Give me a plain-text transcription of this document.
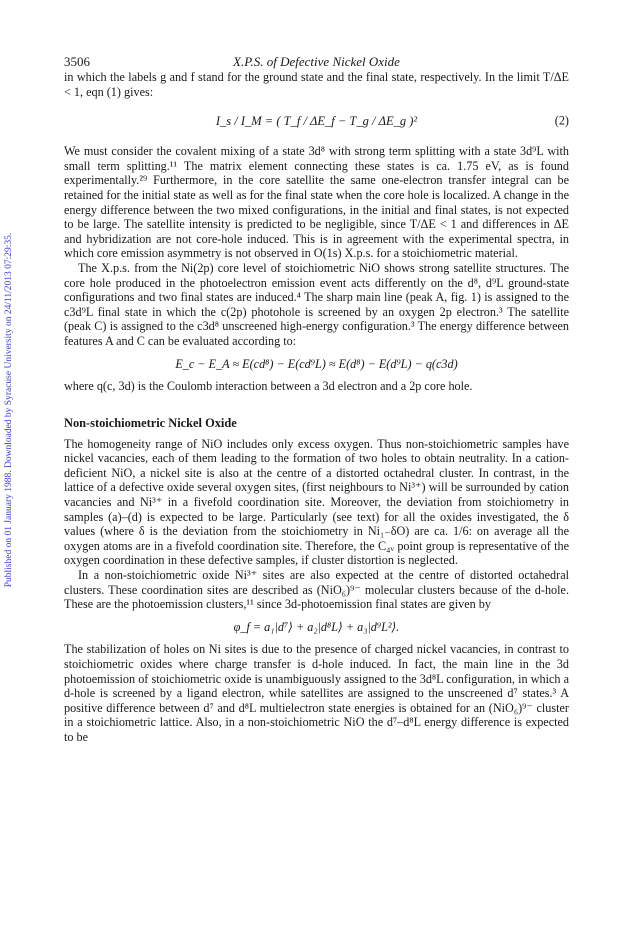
Published on 01 January 1988. Downloaded by Syracuse University on 24/11/2013 07:29:35.
3506	X.P.S. of Defective Nickel Oxide

in which the labels g and f stand for the ground state and the final state, respectively. In the limit T/ΔE < 1, eqn (1) gives:

I_s / I_M = ( T_f / ΔE_f − T_g / ΔE_g )²	(2)

We must consider the covalent mixing of a state 3d⁸ with strong term splitting with a state 3d⁹L with small term splitting.¹¹ The matrix element connecting these states is ca. 1.75 eV, as is found experimentally.²⁹ Furthermore, in the core satellite the same one-electron transfer integral can be retained for the initial state as well as for the final state when the core hole is localized. A change in the energy difference between the two mixed configurations, in the initial and final states, is not expected to be large. The satellite intensity is predicted to be negligible, since T/ΔE < 1 and differences in ΔE and hybridization are not core-hole induced. This is in agreement with the experimental spectra, in which core emission asymmetry is not observed in O(1s) X.p.s. for a stoichiometric material.

The X.p.s. from the Ni(2p) core level of stoichiometric NiO shows strong satellite structures. The core hole produced in the photoelectron emission event acts differently on the d⁸, d⁹L ground-state configurations and two final states are induced.⁴ The sharp main line (peak A, fig. 1) is assigned to the c3d⁹L final state in which the c(2p) photohole is screened by an oxygen 2p electron.³ The satellite (peak C) is assigned to the c3d⁸ unscreened high-energy configuration.³ The energy difference between features A and C can be evaluated according to:

E_c − E_A ≈ E(cd⁸) − E(cd⁹L) ≈ E(d⁸) − E(d⁹L) − q(c3d)

where q(c, 3d) is the Coulomb interaction between a 3d electron and a 2p core hole.

Non-stoichiometric Nickel Oxide

The homogeneity range of NiO includes only excess oxygen. Thus non-stoichiometric samples have nickel vacancies, each of them leading to the formation of two holes to obtain neutrality. In a cation-deficient NiO, a nickel site is also at the centre of a distorted octahedral cluster. In contrast, in the lattice of a defective oxide several oxygen sites, (first neighbours to Ni³⁺) will be surrounded by cation vacancies and Ni³⁺ in a fivefold coordination site. Moreover, the deviation from stoichiometry in samples (a)–(d) is expected to be large. Particularly (see text) for all the oxides investigated, the δ values (where δ is the deviation from the stoichiometry in Ni₁₋δO) are ca. 1/6: on average all the oxygen atoms are in a fivefold coordination site. Therefore, the C₄ᵥ point group is representative of the oxygen coordination in these defective samples, if cluster distortion is neglected.

In a non-stoichiometric oxide Ni³⁺ sites are also expected at the centre of distorted octahedral clusters. These coordination sites are described as (NiO₆)⁹⁻ molecular clusters because of the d-hole. These are the photoemission clusters,¹¹ since 3d-photoemission final states are given by

φ_f = a₁|d⁷⟩ + a₂|d⁸L⟩ + a₃|d⁹L²⟩.

The stabilization of holes on Ni sites is due to the presence of charged nickel vacancies, in contrast to stoichiometric oxides where charge transfer is d-hole induced. In fact, the main line in the 3d photoemission of stoichiometric oxide is unambiguously assigned to the 3d⁸L configuration, in which a d-hole is screened by a ligand electron, while satellites are assigned to the unscreened d⁷ states.³ A positive difference between d⁷ and d⁸L multielectron state energies is obtained for an (NiO₆)⁹⁻ cluster in a stoichiometric lattice. Also, in a non-stoichiometric NiO the d⁷–d⁸L energy difference is expected to be
